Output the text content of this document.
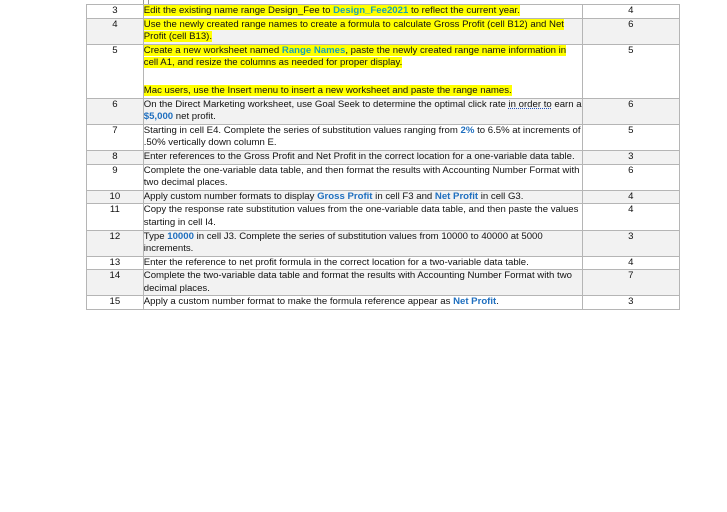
3	Edit the existing name range Design_Fee to Design_Fee2021 to reflect the current year.	4
4	Use the newly created range names to create a formula to calculate Gross Profit (cell B12) and Net Profit (cell B13).	6
5	Create a new worksheet named Range Names, paste the newly created range name information in cell A1, and resize the columns as needed for proper display.

Mac users, use the Insert menu to insert a new worksheet and paste the range names.	5
6	On the Direct Marketing worksheet, use Goal Seek to determine the optimal click rate in order to earn a $5,000 net profit.	6
7	Starting in cell E4. Complete the series of substitution values ranging from 2% to 6.5% at increments of .50% vertically down column E.	5
8	Enter references to the Gross Profit and Net Profit in the correct location for a one-variable data table.	3
9	Complete the one-variable data table, and then format the results with Accounting Number Format with two decimal places.	6
10	Apply custom number formats to display Gross Profit in cell F3 and Net Profit in cell G3.	4
11	Copy the response rate substitution values from the one-variable data table, and then paste the values starting in cell I4.	4
12	Type 10000 in cell J3. Complete the series of substitution values from 10000 to 40000 at 5000 increments.	3
13	Enter the reference to net profit formula in the correct location for a two-variable data table.	4
14	Complete the two-variable data table and format the results with Accounting Number Format with two decimal places.	7
15	Apply a custom number format to make the formula reference appear as Net Profit.	3
